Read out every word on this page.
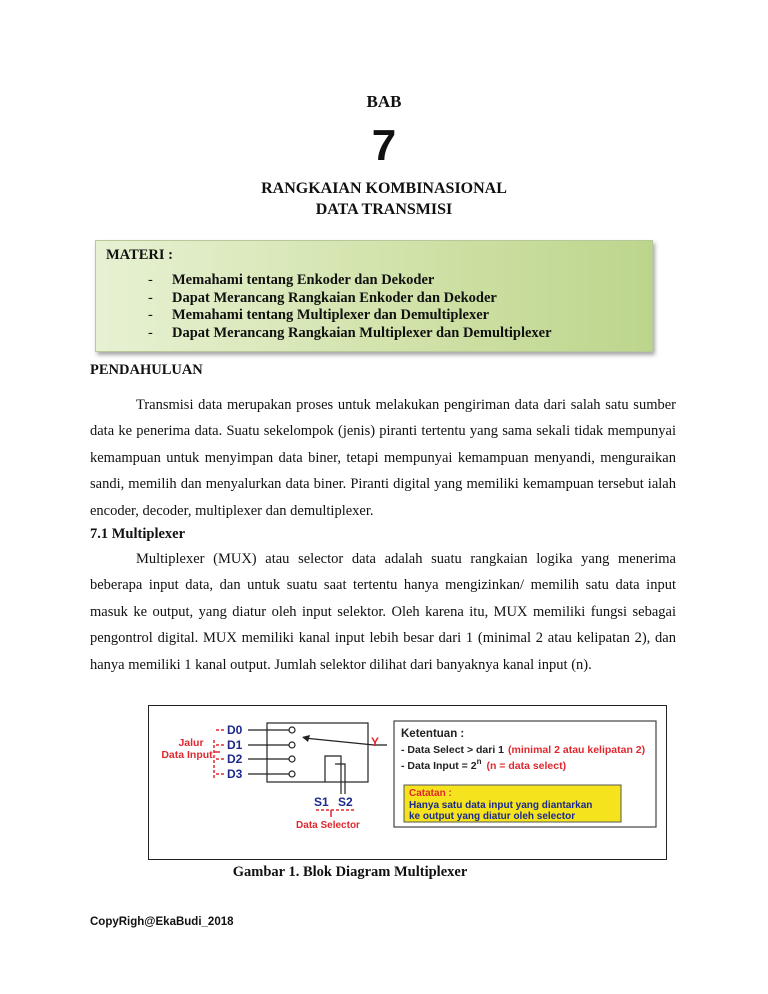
BAB
7
RANGKAIAN KOMBINASIONAL
DATA TRANSMISI
MATERI :
- Memahami tentang Enkoder dan Dekoder
- Dapat Merancang Rangkaian Enkoder dan Dekoder
- Memahami tentang Multiplexer dan Demultiplexer
- Dapat Merancang Rangkaian Multiplexer dan Demultiplexer
PENDAHULUAN

Transmisi data merupakan proses untuk melakukan pengiriman data dari salah satu sumber data ke penerima data. Suatu sekelompok (jenis) piranti tertentu yang sama sekali tidak mempunyai kemampuan untuk menyimpan data biner, tetapi mempunyai kemampuan menyandi, menguraikan sandi, memilih dan menyalurkan data biner. Piranti digital yang memiliki kemampuan tersebut ialah encoder, decoder, multiplexer dan demultiplexer.

7.1 Multiplexer

Multiplexer (MUX) atau selector data adalah suatu rangkaian logika yang menerima beberapa input data, dan untuk suatu saat tertentu hanya mengizinkan/ memilih satu data input masuk ke output, yang diatur oleh input selektor. Oleh karena itu, MUX memiliki fungsi sebagai pengontrol digital. MUX memiliki kanal input lebih besar dari 1 (minimal 2 atau kelipatan 2), dan hanya memiliki 1 kanal output. Jumlah selektor dilihat dari banyaknya kanal input (n).

Jalur
Data Input
D0
D1
D2
D3
Y
S1 S2
Data Selector
Ketentuan :
- Data Select > dari 1 (minimal 2 atau kelipatan 2)
- Data Input = $2^n$ (n = data select)
Catatan :
Hanya satu data input yang diantarkan
ke output yang diatur oleh selector
Gambar 1. Blok Diagram Multiplexer
CopyRigh@EkaBudi_2018
